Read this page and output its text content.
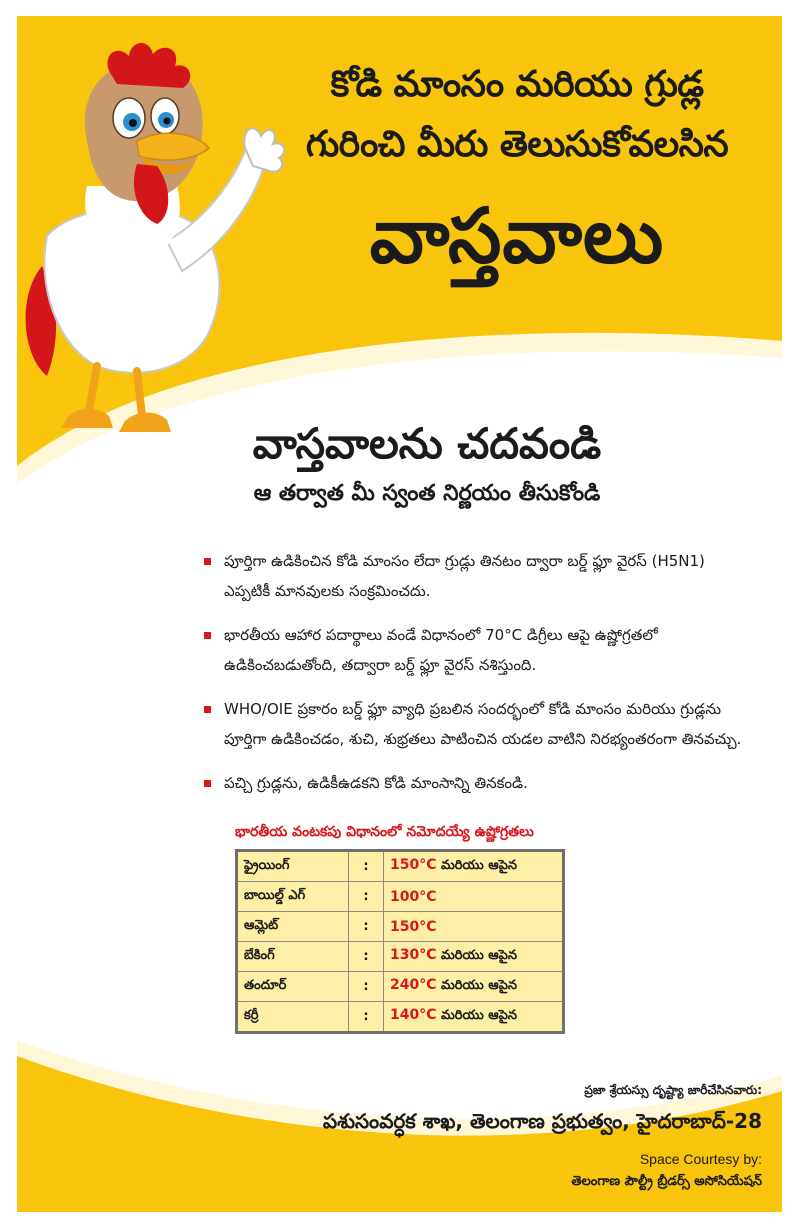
కోడి మాంసం మరియు గ్రుడ్ల
గురించి మీరు తెలుసుకోవలసిన
వాస్తవాలు
వాస్తవాలను చదవండి
ఆ తర్వాత మీ స్వంత నిర్ణయం తీసుకోండి
పూర్తిగా ఉడికించిన కోడి మాంసం లేదా గ్రుడ్లు తినటం ద్వారా బర్డ్ ఫ్లూ వైరస్ (H5N1) ఎప్పటికీ మానవులకు సంక్రమించదు.
భారతీయ ఆహార పదార్థాలు వండే విధానంలో 70°C డిగ్రీలు ఆపై ఉష్ణోగ్రతలో ఉడికించబడుతోంది, తద్వారా బర్డ్ ఫ్లూ వైరస్ నశిస్తుంది.
WHO/OIE ప్రకారం బర్డ్ ఫ్లూ వ్యాధి ప్రబలిన సందర్భంలో కోడి మాంసం మరియు గ్రుడ్లను పూర్తిగా ఉడికించడం, శుచి, శుభ్రతలు పాటించిన యడల వాటిని నిరభ్యంతరంగా తినవచ్చు.
పచ్చి గ్రుడ్లను, ఉడికీఉడకని కోడి మాంసాన్ని తినకండి.
భారతీయ వంటకపు విధానంలో నమోదయ్యే ఉష్ణోగ్రతలు
ఫ్రైయింగ్	:	150°C మరియు ఆపైన
బాయిల్డ్ ఎగ్	:	100°C
ఆమ్లెట్	:	150°C
బేకింగ్	:	130°C మరియు ఆపైన
తందూర్	:	240°C మరియు ఆపైన
కర్రీ	:	140°C మరియు ఆపైన
ప్రజా శ్రేయస్సు దృష్ట్యా జారీచేసినవారు:
పశుసంవర్ధక శాఖ, తెలంగాణ ప్రభుత్వం, హైదరాబాద్-28
Space Courtesy by:
తెలంగాణ పౌల్ట్రీ బ్రీడర్స్ అసోసియేషన్
